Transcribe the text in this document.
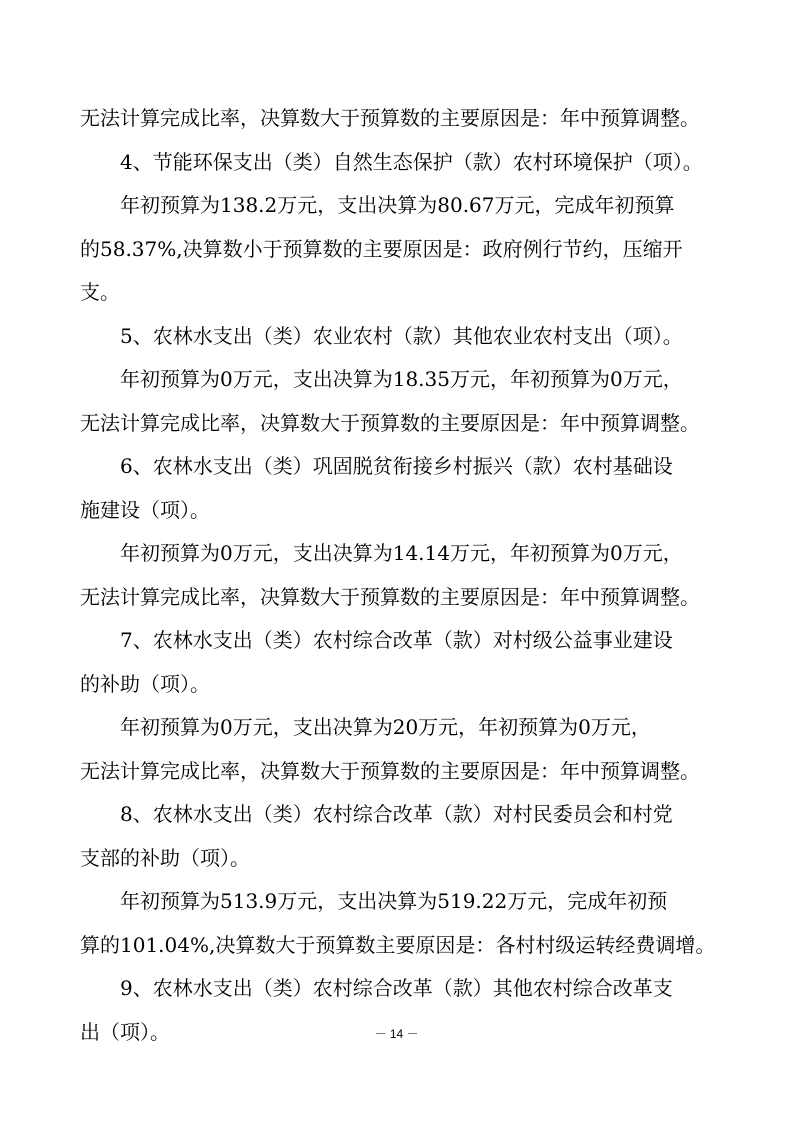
无法计算完成比率，决算数大于预算数的主要原因是：年中预算调整。
4、节能环保支出（类）自然生态保护（款）农村环境保护（项）。
年初预算为138.2万元，支出决算为80.67万元，完成年初预算
的58.37%,决算数小于预算数的主要原因是：政府例行节约，压缩开
支。
5、农林水支出（类）农业农村（款）其他农业农村支出（项）。
年初预算为0万元，支出决算为18.35万元，年初预算为0万元，
无法计算完成比率，决算数大于预算数的主要原因是：年中预算调整。
6、农林水支出（类）巩固脱贫衔接乡村振兴（款）农村基础设
施建设（项）。
年初预算为0万元，支出决算为14.14万元，年初预算为0万元，
无法计算完成比率，决算数大于预算数的主要原因是：年中预算调整。
7、农林水支出（类）农村综合改革（款）对村级公益事业建设
的补助（项）。
年初预算为0万元，支出决算为20万元，年初预算为0万元，
无法计算完成比率，决算数大于预算数的主要原因是：年中预算调整。
8、农林水支出（类）农村综合改革（款）对村民委员会和村党
支部的补助（项）。
年初预算为513.9万元，支出决算为519.22万元，完成年初预
算的101.04%,决算数大于预算数主要原因是：各村村级运转经费调增。
9、农林水支出（类）农村综合改革（款）其他农村综合改革支
出（项）。	－ 14 －
